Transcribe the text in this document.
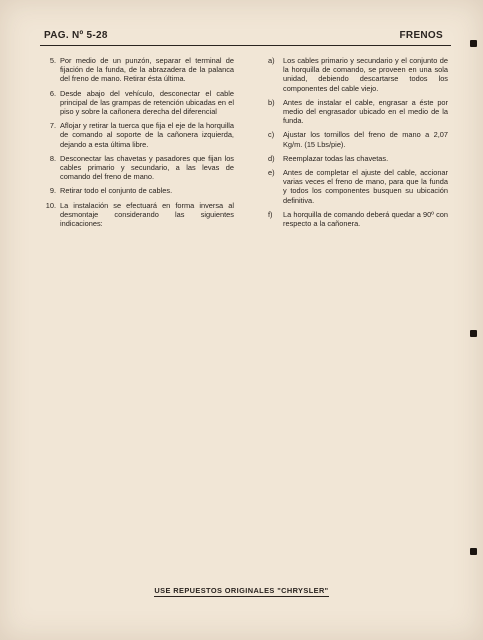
PAG. Nº 5-28	FRENOS
5. Por medio de un punzón, separar el terminal de fijación de la funda, de la abrazadera de la palanca del freno de mano. Retirar ésta última.
6. Desde abajo del vehículo, desconectar el cable principal de las grampas de retención ubicadas en el piso y sobre la cañonera derecha del diferencial
7. Aflojar y retirar la tuerca que fija el eje de la horquilla de comando al soporte de la cañonera izquierda, dejando a esta última libre.
8. Desconectar las chavetas y pasadores que fijan los cables primario y secundario, a las levas de comando del freno de mano.
9. Retirar todo el conjunto de cables.
10. La instalación se efectuará en forma inversa al desmontaje considerando las siguientes indicaciones:
a)	Los cables primario y secundario y el conjunto de la horquilla de comando, se proveen en una sola unidad, debiendo descartarse todos los componentes del cable viejo.
b)	Antes de instalar el cable, engrasar a éste por medio del engrasador ubicado en el medio de la funda.
c)	Ajustar los tornillos del freno de mano a 2,07 Kg/m. (15 Lbs/pie).
d)	Reemplazar todas las chavetas.
e)	Antes de completar el ajuste del cable, accionar varias veces el freno de mano, para que la funda y todos los componentes busquen su ubicación definitiva.
f)	La horquilla de comando deberá quedar a 90º con respecto a la cañonera.
USE REPUESTOS ORIGINALES "CHRYSLER"
